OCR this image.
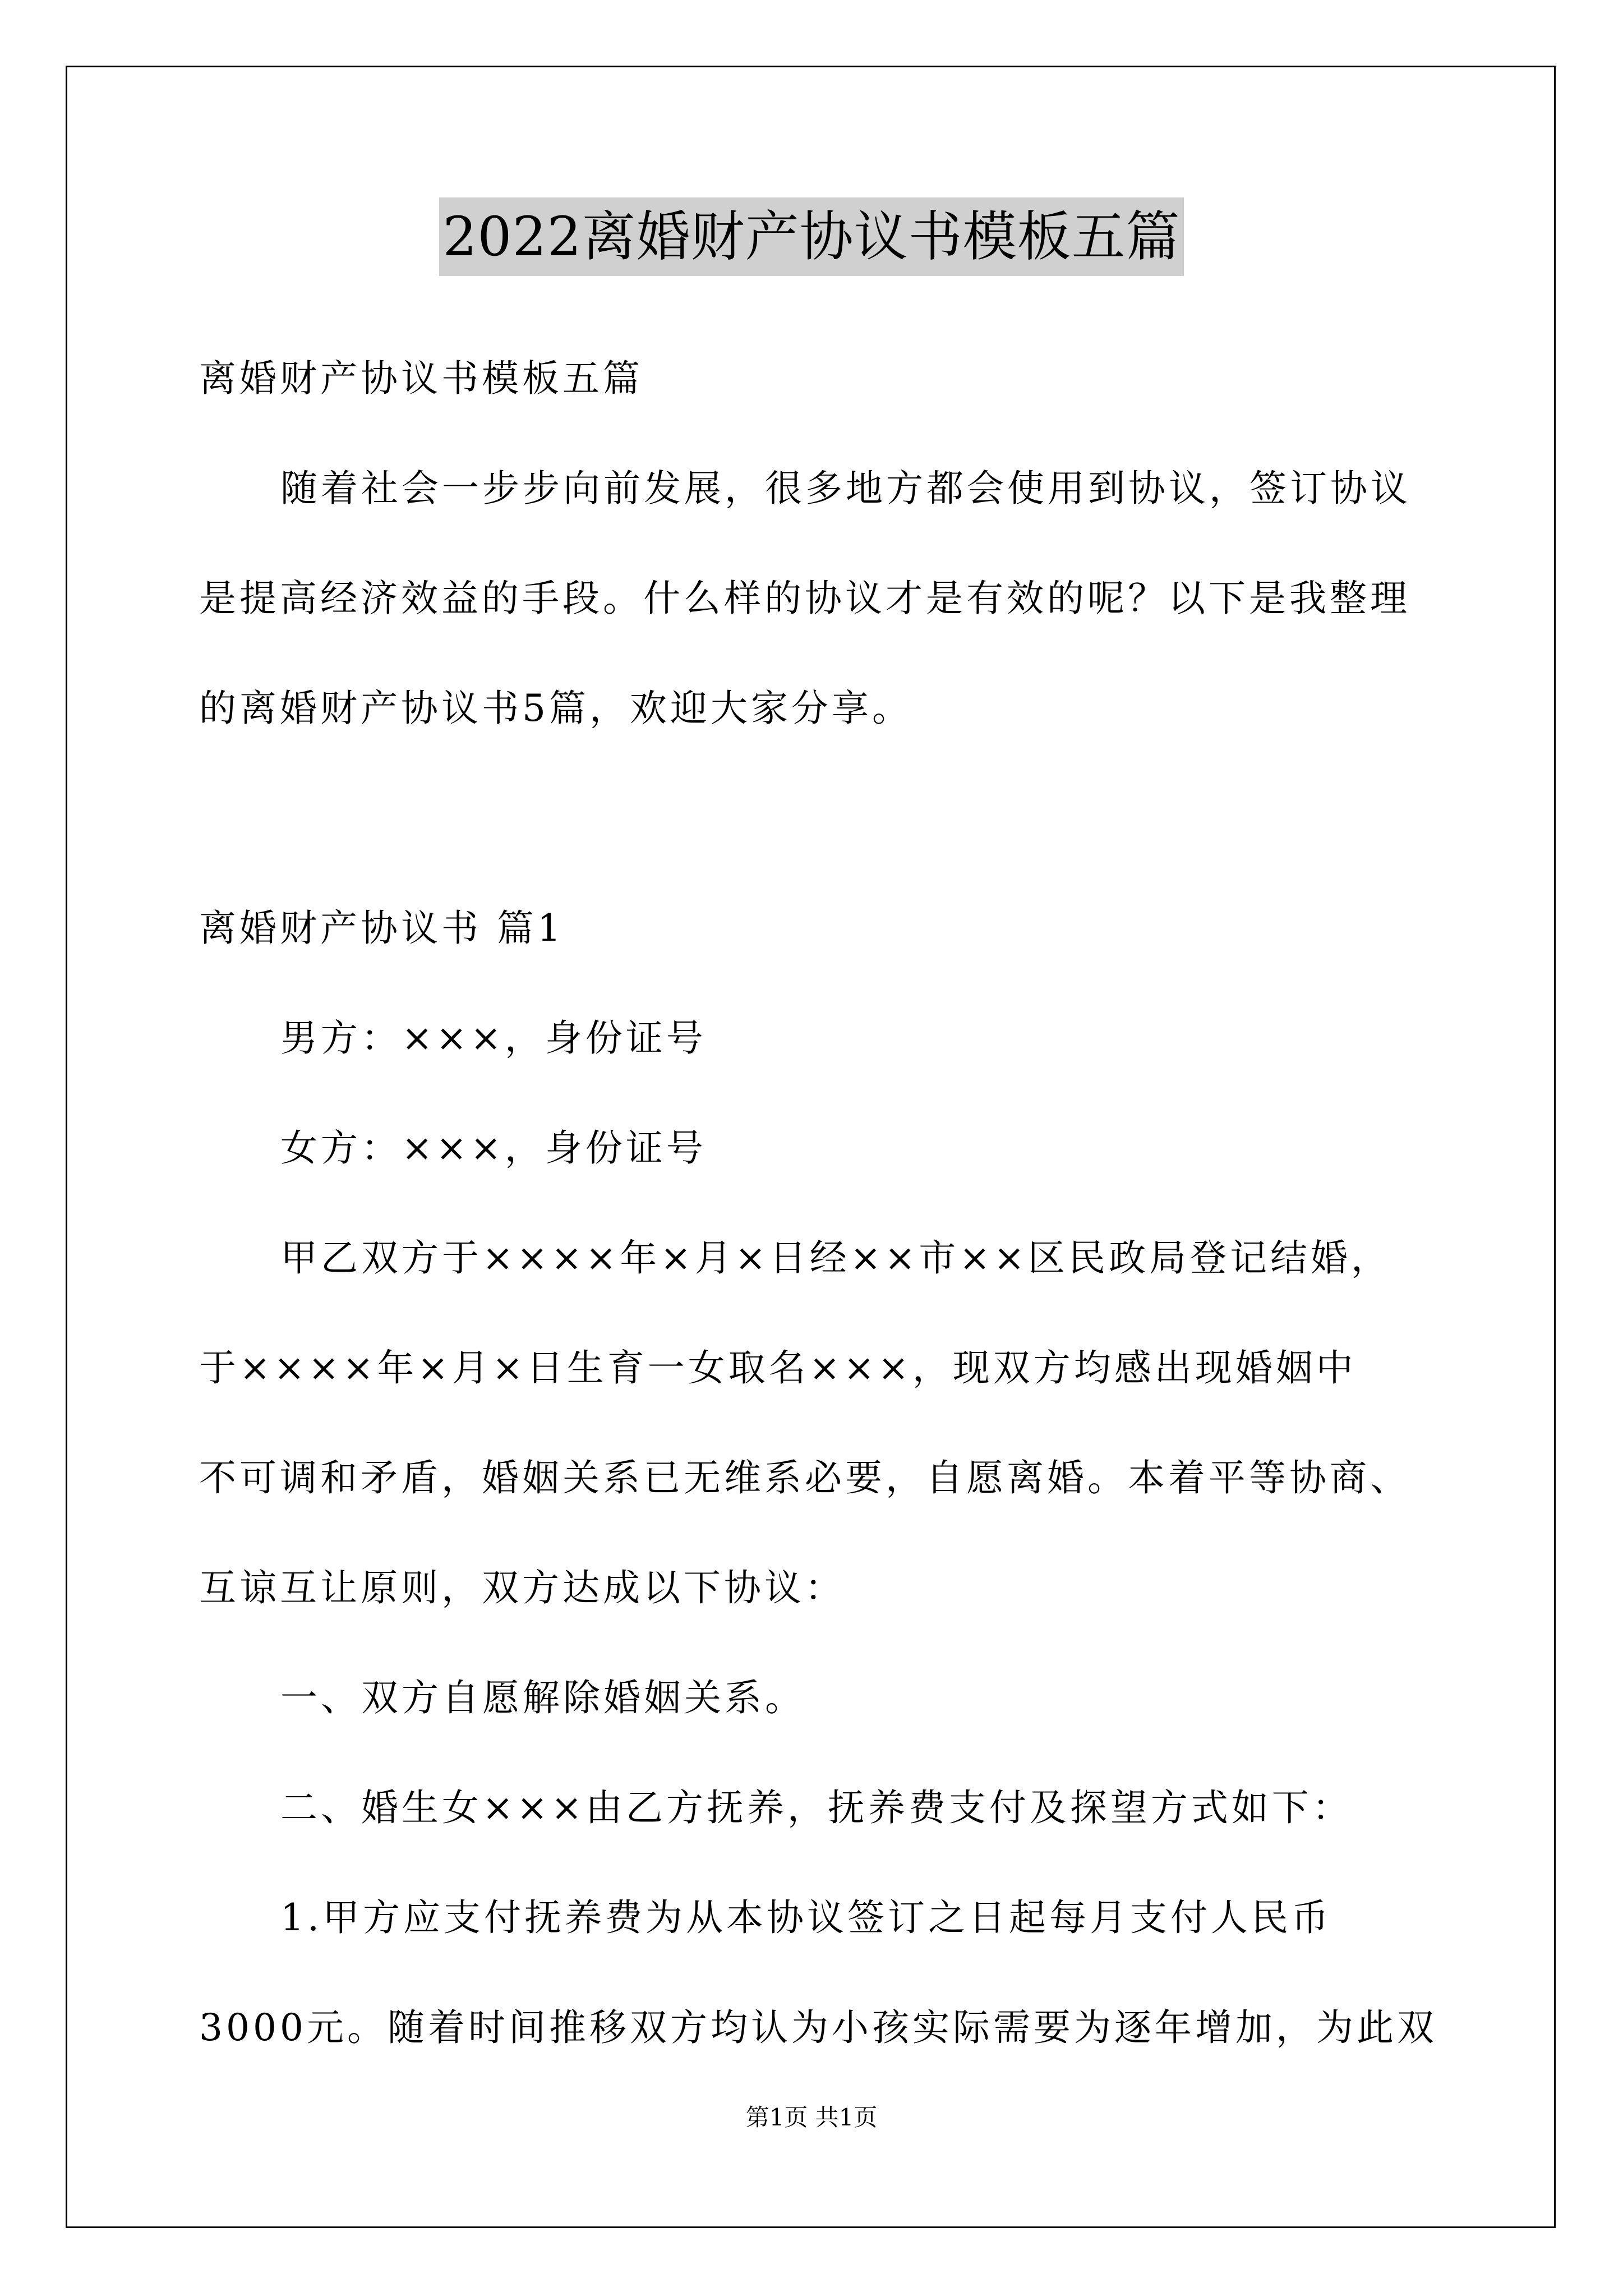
2022离婚财产协议书模板五篇
离婚财产协议书模板五篇
随着社会一步步向前发展，很多地方都会使用到协议，签订协议
是提高经济效益的手段。什么样的协议才是有效的呢？以下是我整理
的离婚财产协议书5篇，欢迎大家分享。
离婚财产协议书 篇1
男方：×××，身份证号
女方：×××，身份证号
甲乙双方于××××年×月×日经××市××区民政局登记结婚，
于××××年×月×日生育一女取名×××，现双方均感出现婚姻中
不可调和矛盾，婚姻关系已无维系必要，自愿离婚。本着平等协商、
互谅互让原则，双方达成以下协议：
一、双方自愿解除婚姻关系。
二、婚生女×××由乙方抚养，抚养费支付及探望方式如下：
1.甲方应支付抚养费为从本协议签订之日起每月支付人民币
3000元。随着时间推移双方均认为小孩实际需要为逐年增加，为此双
第1页 共1页
